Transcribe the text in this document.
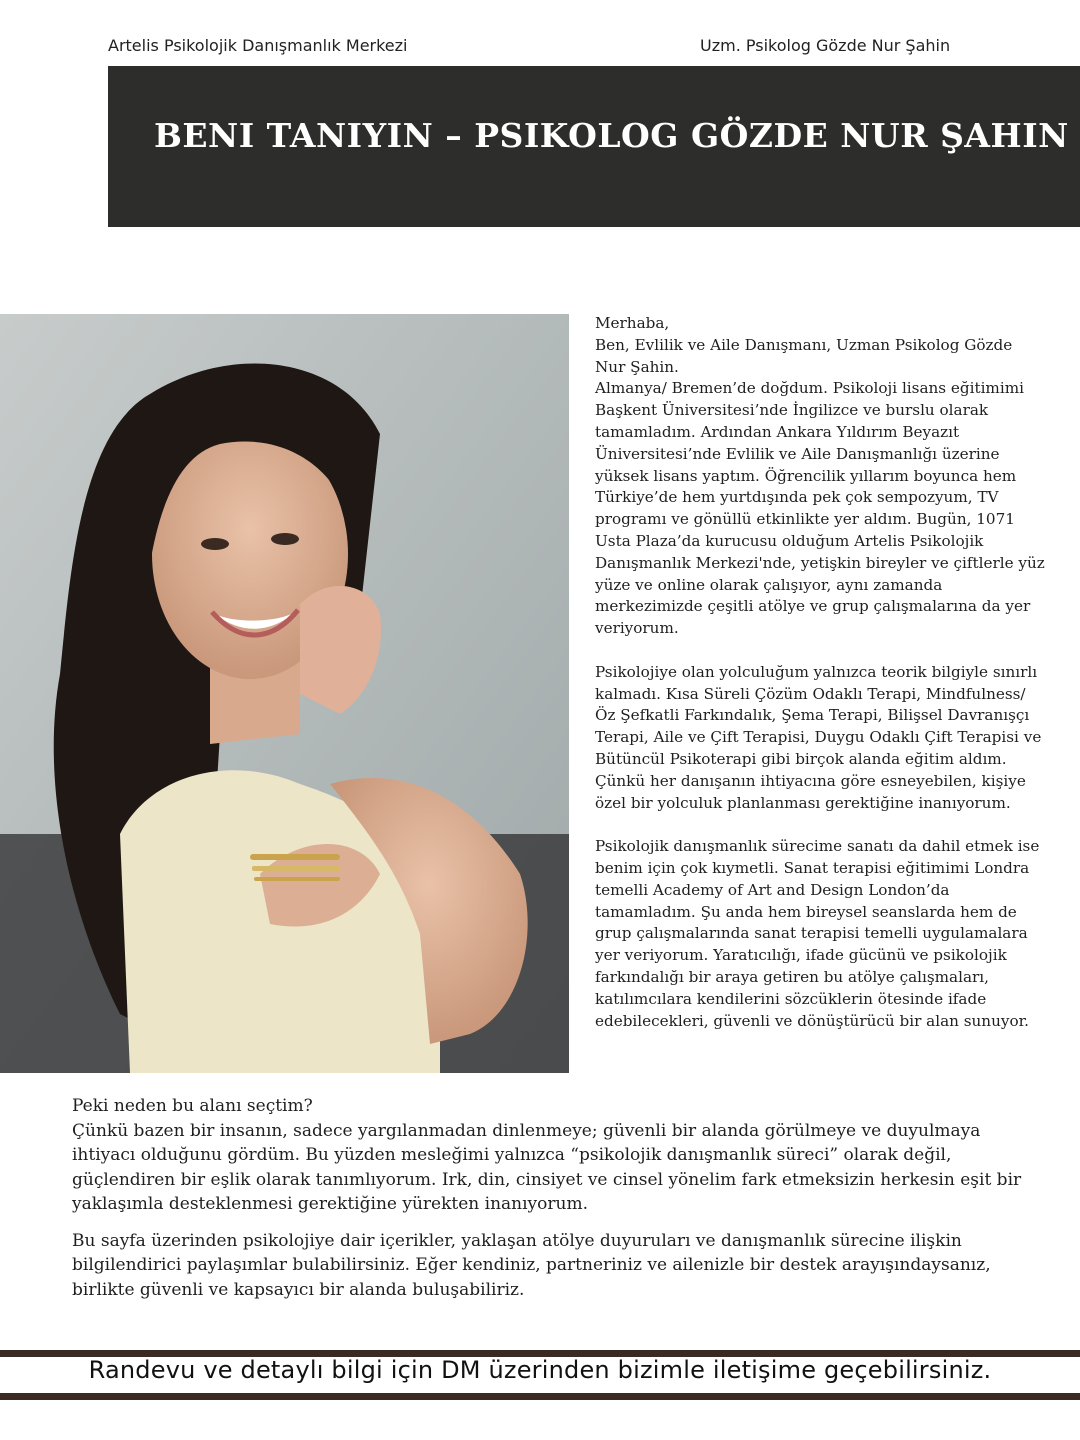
Artelis Psikolojik Danışmanlık Merkezi	Uzm. Psikolog Gözde Nur Şahin
BENI TANIYIN – PSIKOLOG GÖZDE NUR ŞAHIN

Merhaba,
Ben, Evlilik ve Aile Danışmanı, Uzman Psikolog Gözde Nur Şahin.
Almanya/ Bremen’de doğdum. Psikoloji lisans eğitimimi Başkent Üniversitesi’nde İngilizce ve burslu olarak tamamladım. Ardından Ankara Yıldırım Beyazıt Üniversitesi’nde Evlilik ve Aile Danışmanlığı üzerine yüksek lisans yaptım. Öğrencilik yıllarım boyunca hem Türkiye’de hem yurtdışında pek çok sempozyum, TV programı ve gönüllü etkinlikte yer aldım. Bugün, 1071 Usta Plaza’da kurucusu olduğum Artelis Psikolojik Danışmanlık Merkezi'nde, yetişkin bireyler ve çiftlerle yüz yüze ve online olarak çalışıyor, aynı zamanda merkezimizde çeşitli atölye ve grup çalışmalarına da yer veriyorum.

Psikolojiye olan yolculuğum yalnızca teorik bilgiyle sınırlı kalmadı. Kısa Süreli Çözüm Odaklı Terapi, Mindfulness/ Öz Şefkatli Farkındalık, Şema Terapi, Bilişsel Davranışçı Terapi, Aile ve Çift Terapisi, Duygu Odaklı Çift Terapisi ve Bütüncül Psikoterapi gibi birçok alanda eğitim aldım. Çünkü her danışanın ihtiyacına göre esneyebilen, kişiye özel bir yolculuk planlanması gerektiğine inanıyorum.

Psikolojik danışmanlık sürecime sanatı da dahil etmek ise benim için çok kıymetli. Sanat terapisi eğitimimi Londra temelli Academy of Art and Design London’da tamamladım. Şu anda hem bireysel seanslarda hem de grup çalışmalarında sanat terapisi temelli uygulamalara yer veriyorum. Yaratıcılığı, ifade gücünü ve psikolojik farkındalığı bir araya getiren bu atölye çalışmaları, katılımcılara kendilerini sözcüklerin ötesinde ifade edebilecekleri, güvenli ve dönüştürücü bir alan sunuyor.

Peki neden bu alanı seçtim?

Çünkü bazen bir insanın, sadece yargılanmadan dinlenmeye; güvenli bir alanda görülmeye ve duyulmaya ihtiyacı olduğunu gördüm. Bu yüzden mesleğimi yalnızca “psikolojik danışmanlık süreci” olarak değil, güçlendiren bir eşlik olarak tanımlıyorum. Irk, din, cinsiyet ve cinsel yönelim fark etmeksizin herkesin eşit bir yaklaşımla desteklenmesi gerektiğine yürekten inanıyorum.

Bu sayfa üzerinden psikolojiye dair içerikler, yaklaşan atölye duyuruları ve danışmanlık sürecine ilişkin bilgilendirici paylaşımlar bulabilirsiniz. Eğer kendiniz, partneriniz ve ailenizle bir destek arayışındaysanız, birlikte güvenli ve kapsayıcı bir alanda buluşabiliriz.

Randevu ve detaylı bilgi için DM üzerinden bizimle iletişime geçebilirsiniz.
